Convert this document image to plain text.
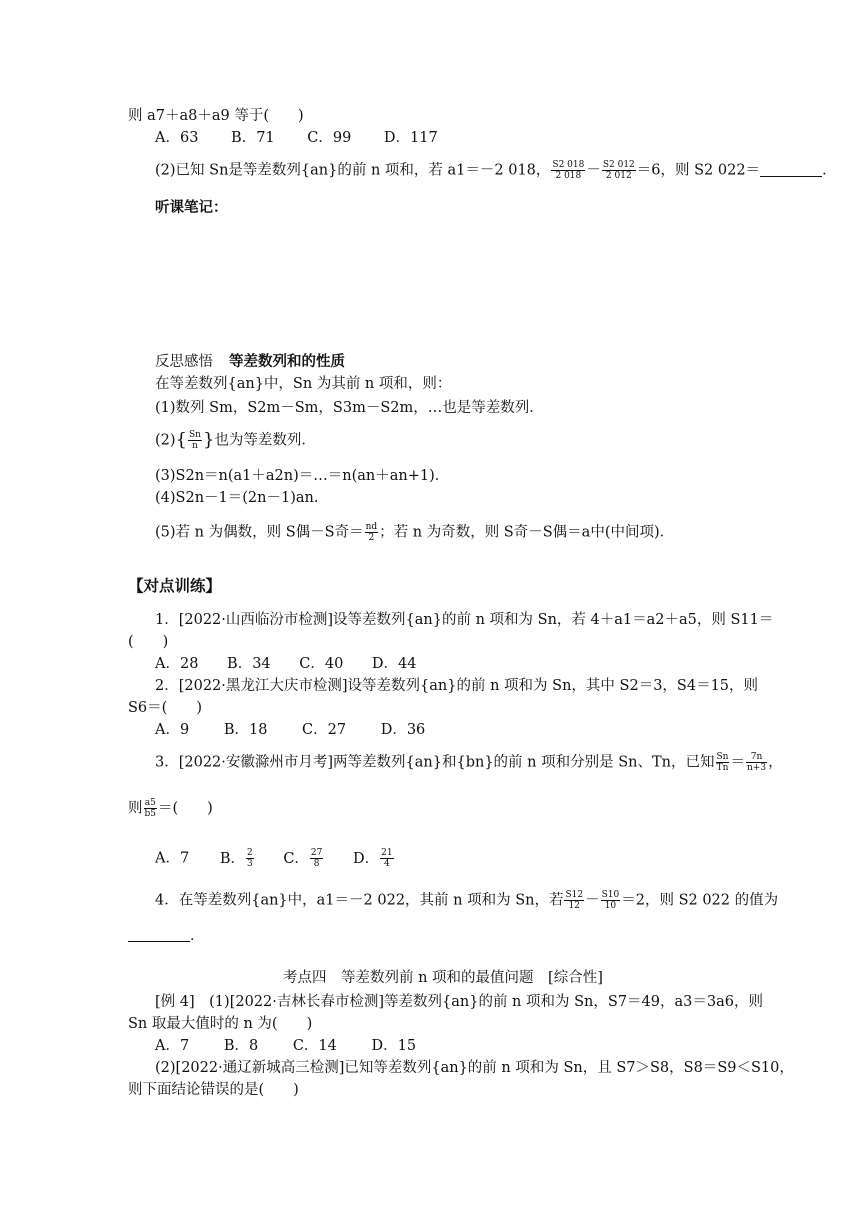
则 a7＋a8＋a9 等于(　　)
A．63 B．71 C．99 D．117
(2)已知 Sn是等差数列{an}的前 n 项和，若 a1＝－2 018， $\frac{S2 018}{2 018} - \frac{S2 012}{2 012} =6$，则 S2 022＝	．
听课笔记：
反思感悟 等差数列和的性质
在等差数列{an}中，Sn 为其前 n 项和，则：
(1)数列 Sm，S2m－Sm，S3m－S2m，…也是等差数列．
$(2)\{ \frac{Sn}{n}$ }也为等差数列．
(3)S2n＝n(a1＋a2n)＝…＝n(an＋an+1)．
(4)S2n－1＝(2n－1)an.
(5)若 n 为偶数，则 S偶－S奇＝ $\frac{nd}{2}$ ；若 n 为奇数，则 S奇－S偶＝a中(中间项)．
【对点训练】
1．[2022·山西临汾市检测]设等差数列{an}的前 n 项和为 Sn，若 4＋a1＝a2＋a5，则 S11＝
(　　)
A．28 B．34 C．40 D．44
2．[2022·黑龙江大庆市检测]设等差数列{an}的前 n 项和为 Sn，其中 S2＝3，S4＝15，则
S6＝(　　)
A．9 B．18 C．27 D．36
3．[2022·安徽滁州市月考]两等差数列{an}和{bn}的前 n 项和分别是 Sn、Tn，已知 $\frac{Sn}{Tn} = \frac{7n}{n+3}$ ，
则 $\frac{a5}{b5}$ ＝(　　)
A．7 B． $\frac{2}{3}$ C． $\frac{27}{8}$ D． $\frac{21}{4}$
4．在等差数列{an}中，a1＝－2 022，其前 n 项和为 Sn，若 $\frac{S12}{12} - \frac{S10}{10} =2$，则 S2 022 的值为
．
考点四　等差数列前 n 项和的最值问题　[综合性]
[例 4]　(1)[2022·吉林长春市检测]等差数列{an}的前 n 项和为 Sn，S7＝49，a3＝3a6，则
Sn 取最大值时的 n 为(　　)
A．7 B．8 C．14 D．15
(2)[2022·通辽新城高三检测]已知等差数列{an}的前 n 项和为 Sn，且 S7＞S8，S8＝S9＜S10，
则下面结论错误的是(　　)
